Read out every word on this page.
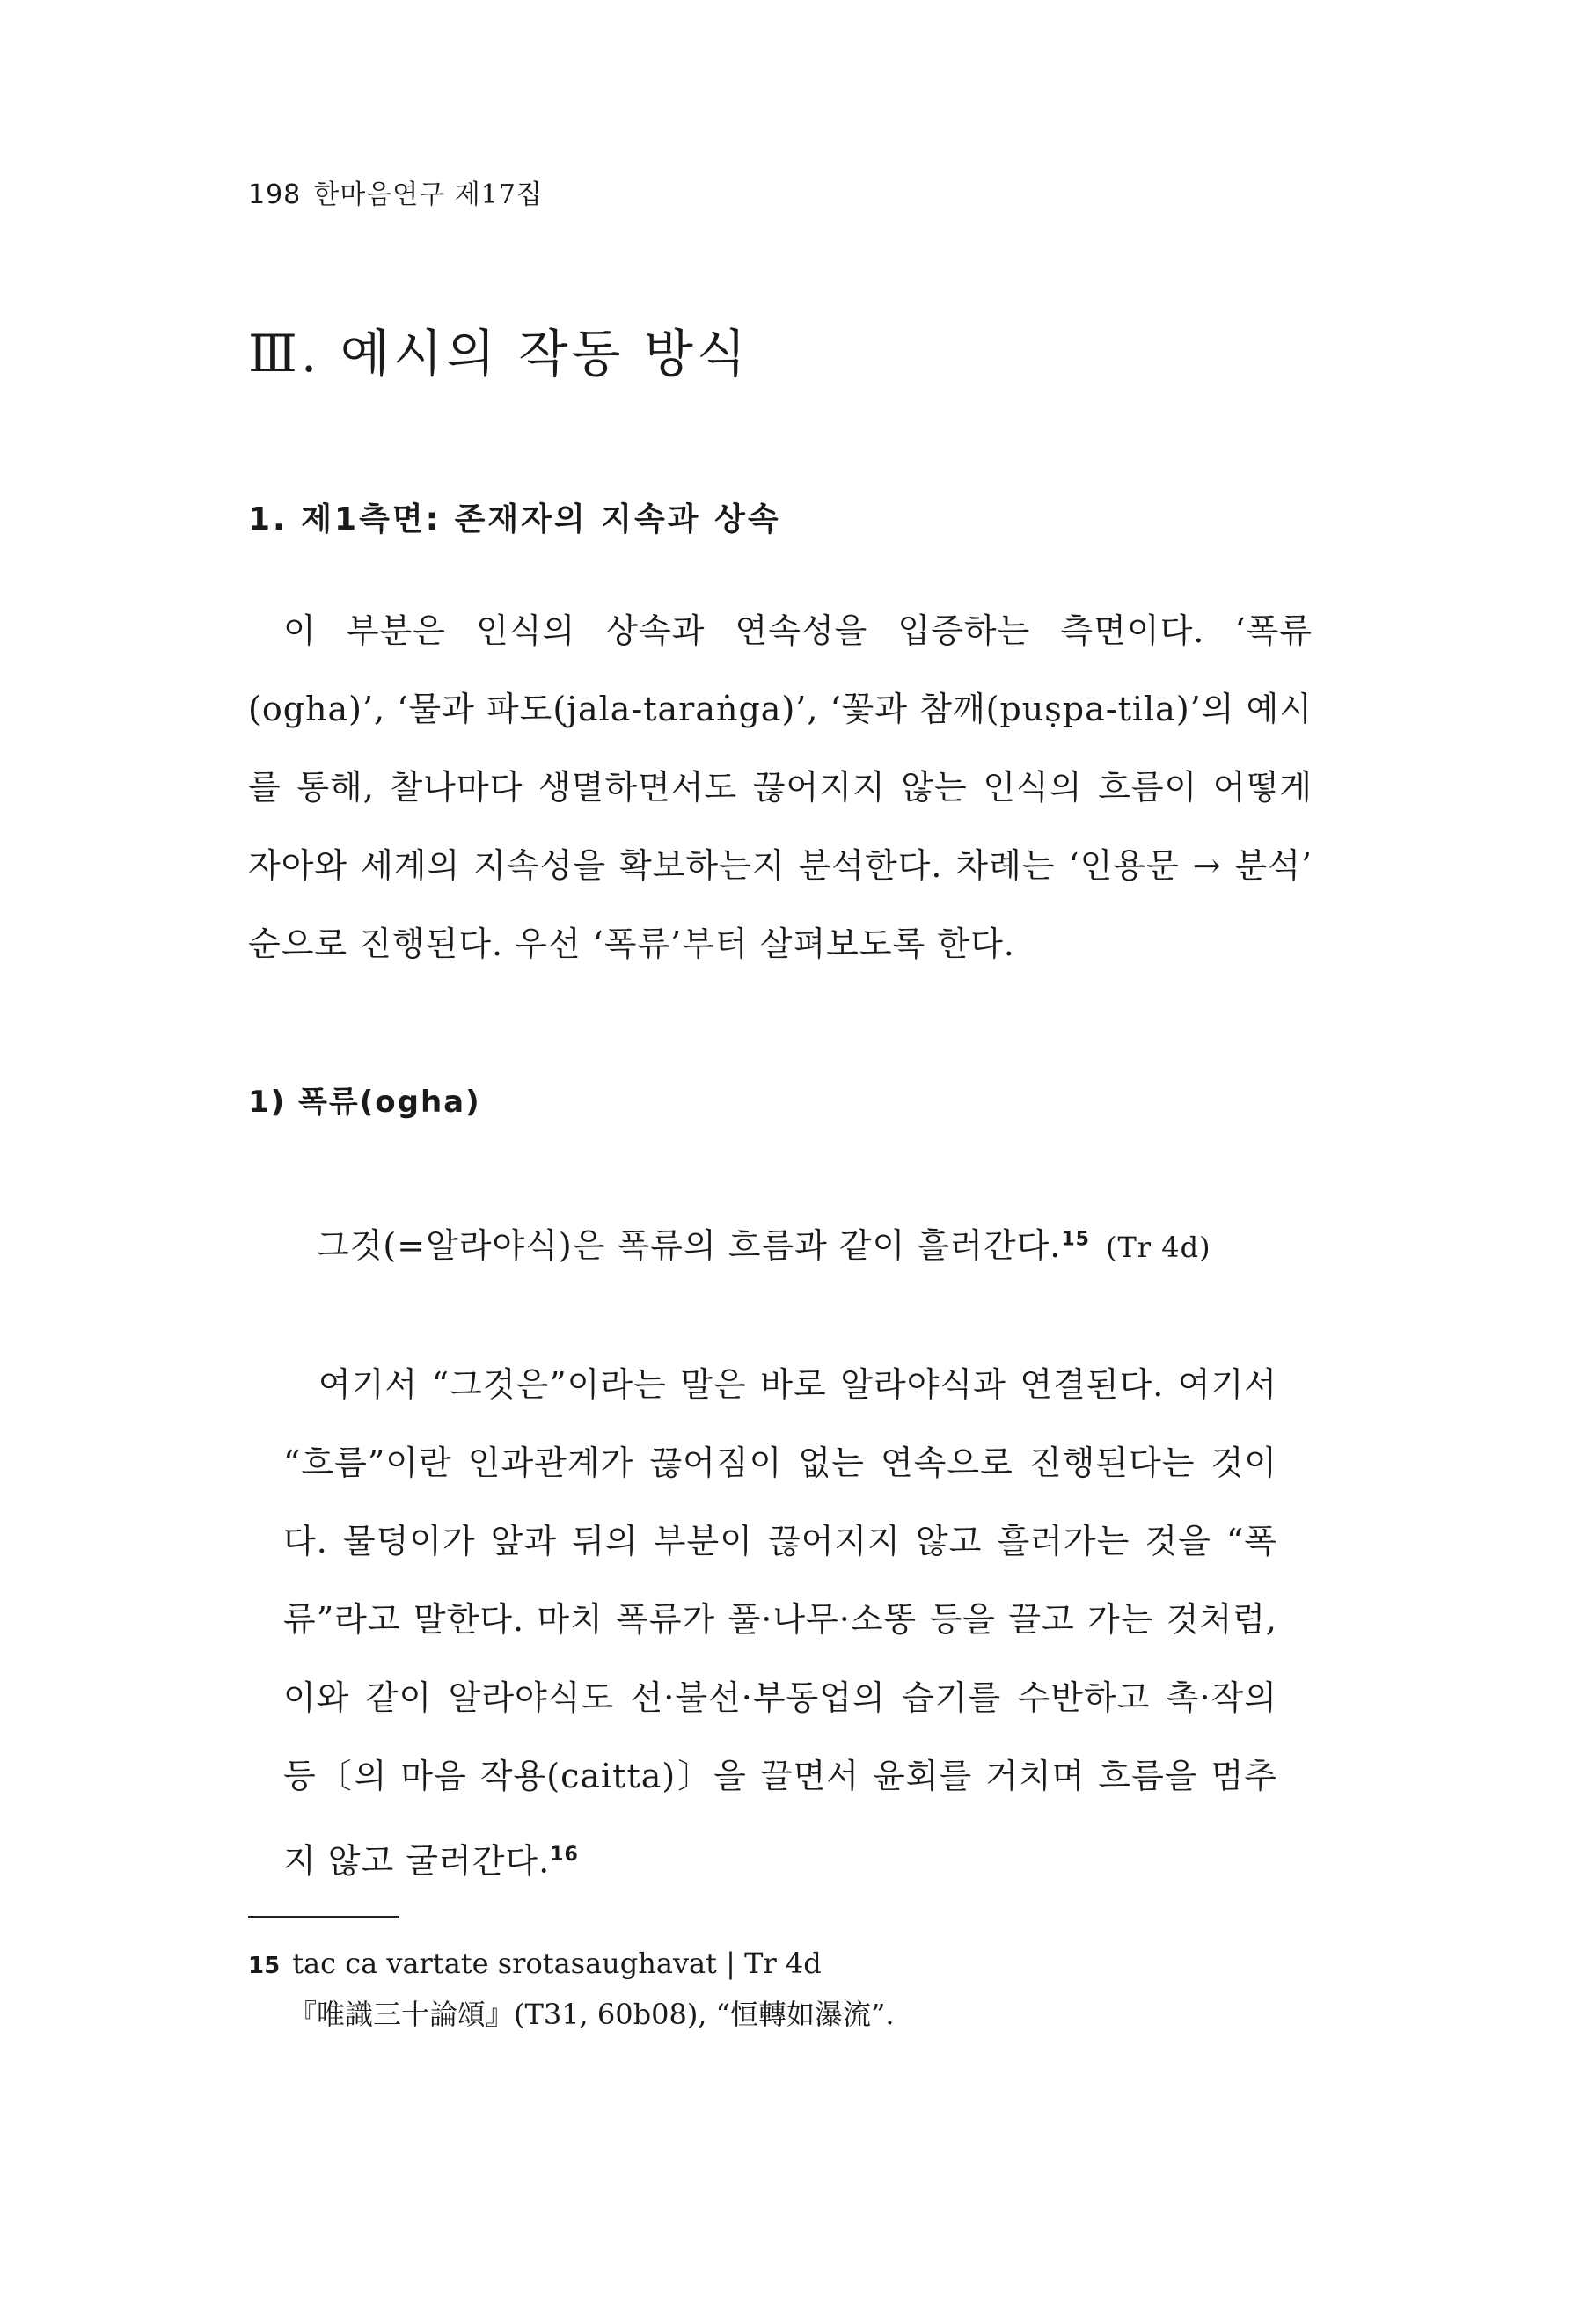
198 한마음연구 제17집
Ⅲ. 예시의 작동 방식
1. 제1측면: 존재자의 지속과 상속

이 부분은 인식의 상속과 연속성을 입증하는 측면이다. ‘폭류(ogha)’, ‘물과 파도(jala-taraṅga)’, ‘꽃과 참깨(puṣpa-tila)’의 예시를 통해, 찰나마다 생멸하면서도 끊어지지 않는 인식의 흐름이 어떻게 자아와 세계의 지속성을 확보하는지 분석한다. 차례는 ‘인용문 → 분석’ 순으로 진행된다. 우선 ‘폭류’부터 살펴보도록 한다.

1) 폭류(ogha)

그것(=알라야식)은 폭류의 흐름과 같이 흘러간다.$^{15}$ (Tr 4d)

여기서 “그것은”이라는 말은 바로 알라야식과 연결된다. 여기서 “흐름”이란 인과관계가 끊어짐이 없는 연속으로 진행된다는 것이다. 물덩이가 앞과 뒤의 부분이 끊어지지 않고 흘러가는 것을 “폭류”라고 말한다. 마치 폭류가 풀·나무·소똥 등을 끌고 가는 것처럼, 이와 같이 알라야식도 선·불선·부동업의 습기를 수반하고 촉·작의 등〔의 마음 작용(caitta)〕을 끌면서 윤회를 거치며 흐름을 멈추지 않고 굴러간다.$^{16}$

15 tac ca vartate srotasaughavat | Tr 4d
『唯識三十論頌』(T31, 60b08), “恒轉如瀑流”.
